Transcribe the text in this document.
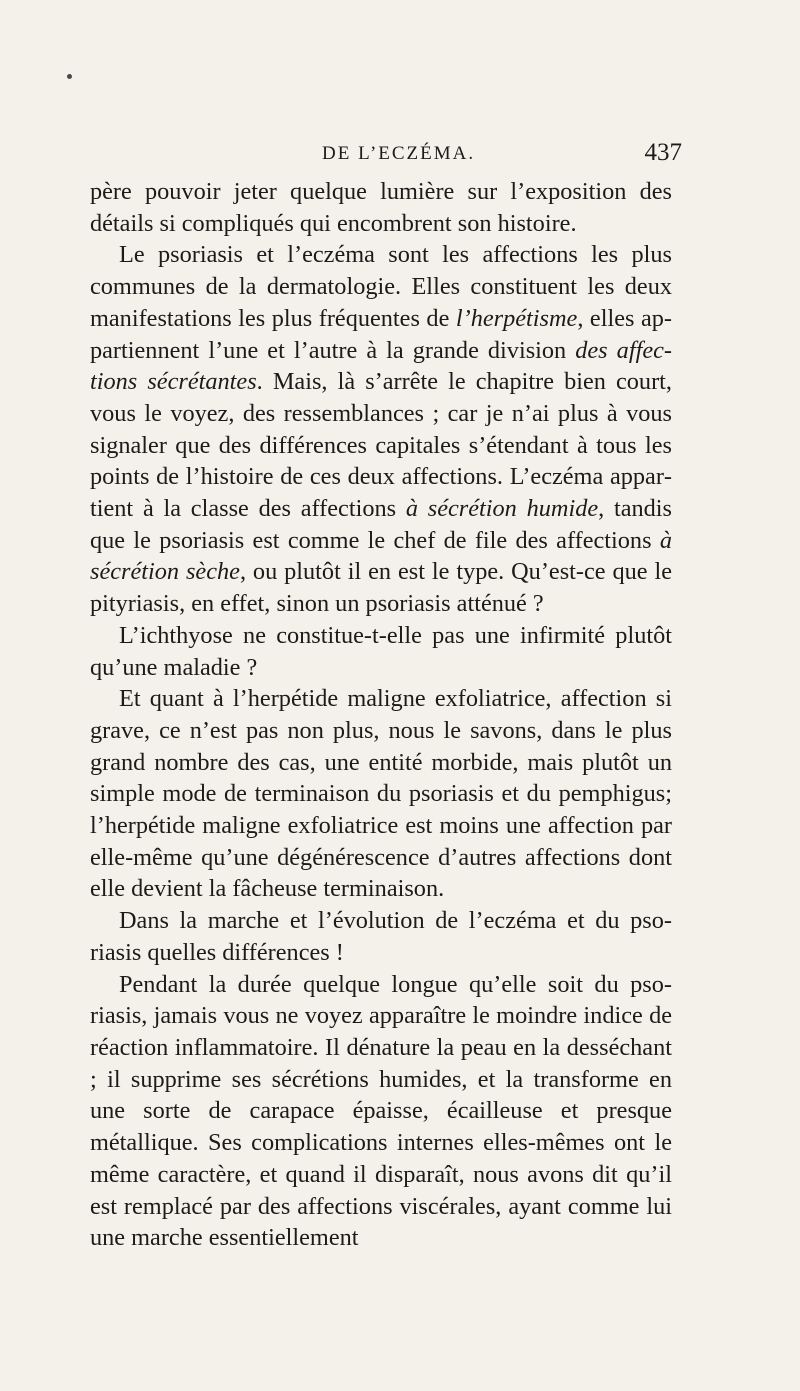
DE L’ECZÉMA.	437

père pouvoir jeter quelque lumière sur l’exposition des détails si compliqués qui encombrent son histoire.

Le psoriasis et l’eczéma sont les affections les plus communes de la dermatologie. Elles constituent les deux manifestations les plus fréquentes de l’herpétisme, elles appartiennent l’une et l’autre à la grande division des affections sécrétantes. Mais, là s’arrête le chapitre bien court, vous le voyez, des ressemblances ; car je n’ai plus à vous signaler que des différences capitales s’étendant à tous les points de l’histoire de ces deux affections. L’eczéma appartient à la classe des affections à sécrétion humide, tandis que le psoriasis est comme le chef de file des affections à sécrétion sèche, ou plutôt il en est le type. Qu’est-ce que le pityriasis, en effet, sinon un psoriasis atténué ?

L’ichthyose ne constitue-t-elle pas une infirmité plutôt qu’une maladie ?

Et quant à l’herpétide maligne exfoliatrice, affection si grave, ce n’est pas non plus, nous le savons, dans le plus grand nombre des cas, une entité morbide, mais plutôt un simple mode de terminaison du psoriasis et du pemphigus; l’herpétide maligne exfoliatrice est moins une affection par elle-même qu’une dégénérescence d’autres affections dont elle devient la fâcheuse terminaison.

Dans la marche et l’évolution de l’eczéma et du psoriasis quelles différences !

Pendant la durée quelque longue qu’elle soit du psoriasis, jamais vous ne voyez apparaître le moindre indice de réaction inflammatoire. Il dénature la peau en la desséchant ; il supprime ses sécrétions humides, et la transforme en une sorte de carapace épaisse, écailleuse et presque métallique. Ses complications internes elles-mêmes ont le même caractère, et quand il disparaît, nous avons dit qu’il est remplacé par des affections viscérales, ayant comme lui une marche essentiellement
